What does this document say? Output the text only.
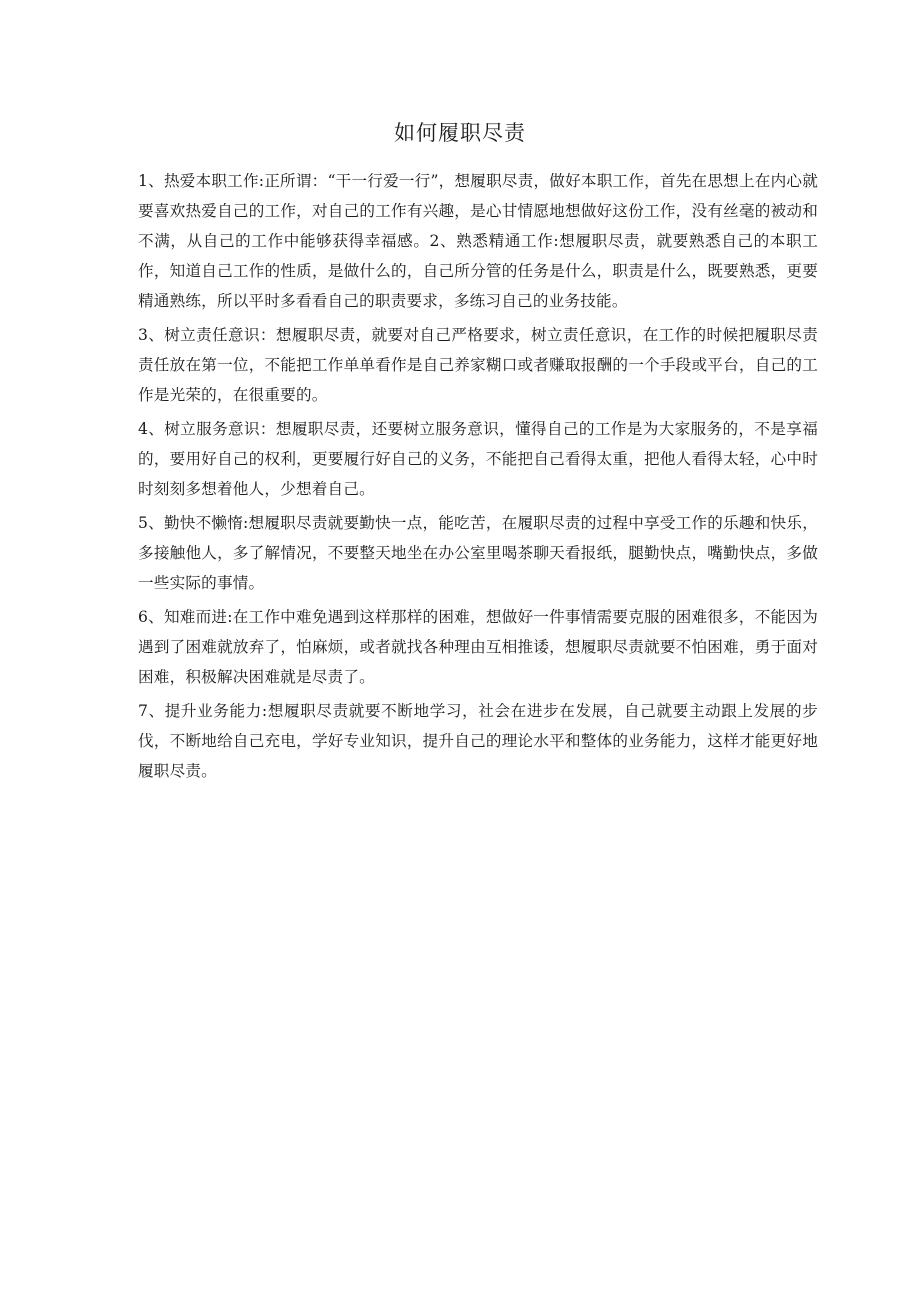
如何履职尽责

1、热爱本职工作:正所谓：“干一行爱一行”，想履职尽责，做好本职工作，首先在思想上在内心就要喜欢热爱自己的工作，对自己的工作有兴趣，是心甘情愿地想做好这份工作，没有丝毫的被动和不满，从自己的工作中能够获得幸福感。2、熟悉精通工作:想履职尽责，就要熟悉自己的本职工作，知道自己工作的性质，是做什么的，自己所分管的任务是什么，职责是什么，既要熟悉，更要精通熟练，所以平时多看看自己的职责要求，多练习自己的业务技能。

3、树立责任意识：想履职尽责，就要对自己严格要求，树立责任意识，在工作的时候把履职尽责责任放在第一位，不能把工作单单看作是自己养家糊口或者赚取报酬的一个手段或平台，自己的工作是光荣的，在很重要的。

4、树立服务意识：想履职尽责，还要树立服务意识，懂得自己的工作是为大家服务的，不是享福的，要用好自己的权利，更要履行好自己的义务，不能把自己看得太重，把他人看得太轻，心中时时刻刻多想着他人，少想着自己。

5、勤快不懒惰:想履职尽责就要勤快一点，能吃苦，在履职尽责的过程中享受工作的乐趣和快乐，多接触他人，多了解情况，不要整天地坐在办公室里喝茶聊天看报纸，腿勤快点，嘴勤快点，多做一些实际的事情。

6、知难而进:在工作中难免遇到这样那样的困难，想做好一件事情需要克服的困难很多，不能因为遇到了困难就放弃了，怕麻烦，或者就找各种理由互相推诿，想履职尽责就要不怕困难，勇于面对困难，积极解决困难就是尽责了。

7、提升业务能力:想履职尽责就要不断地学习，社会在进步在发展，自己就要主动跟上发展的步伐，不断地给自己充电，学好专业知识，提升自己的理论水平和整体的业务能力，这样才能更好地履职尽责。
